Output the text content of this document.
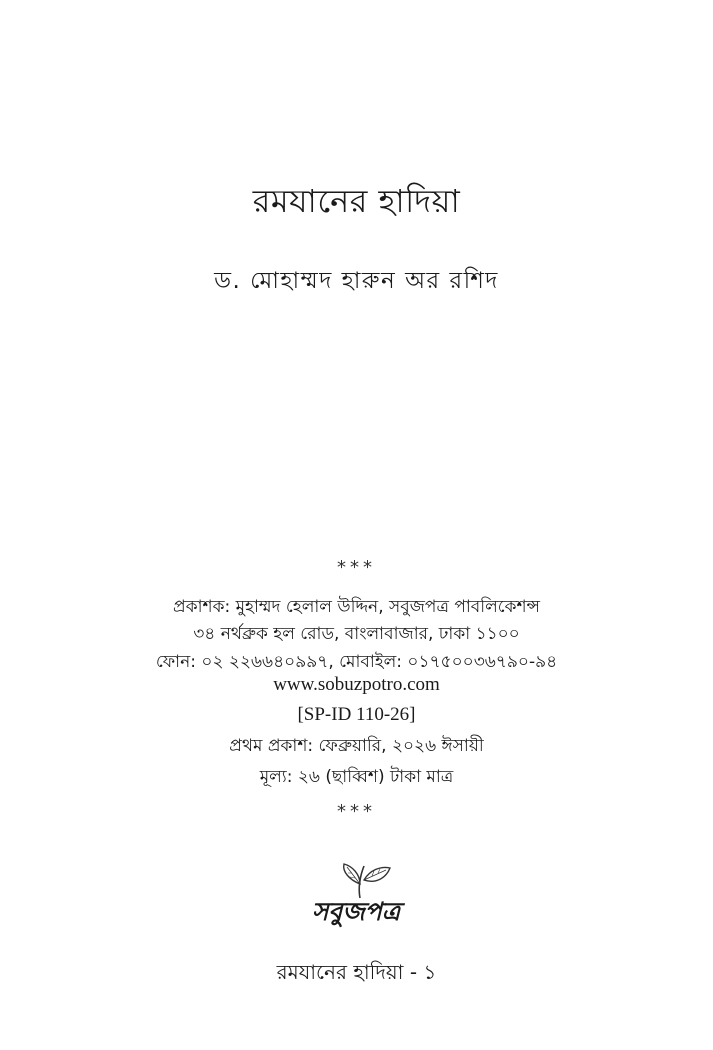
রমযানের হাদিয়া
ড. মোহাম্মদ হারুন অর রশিদ
***
প্রকাশক: মুহাম্মদ হেলাল উদ্দিন, সবুজপত্র পাবলিকেশন্স
৩৪ নর্থব্রুক হল রোড, বাংলাবাজার, ঢাকা ১১০০
ফোন: ০২ ২২৬৬৪০৯৯৭, মোবাইল: ০১৭৫০০৩৬৭৯০-৯৪
www.sobuzpotro.com
[SP-ID 110-26]
প্রথম প্রকাশ: ফেব্রুয়ারি, ২০২৬ ঈসায়ী
মূল্য: ২৬ (ছাব্বিশ) টাকা মাত্র
***
সবুজপত্র
রমযানের হাদিয়া - ১
